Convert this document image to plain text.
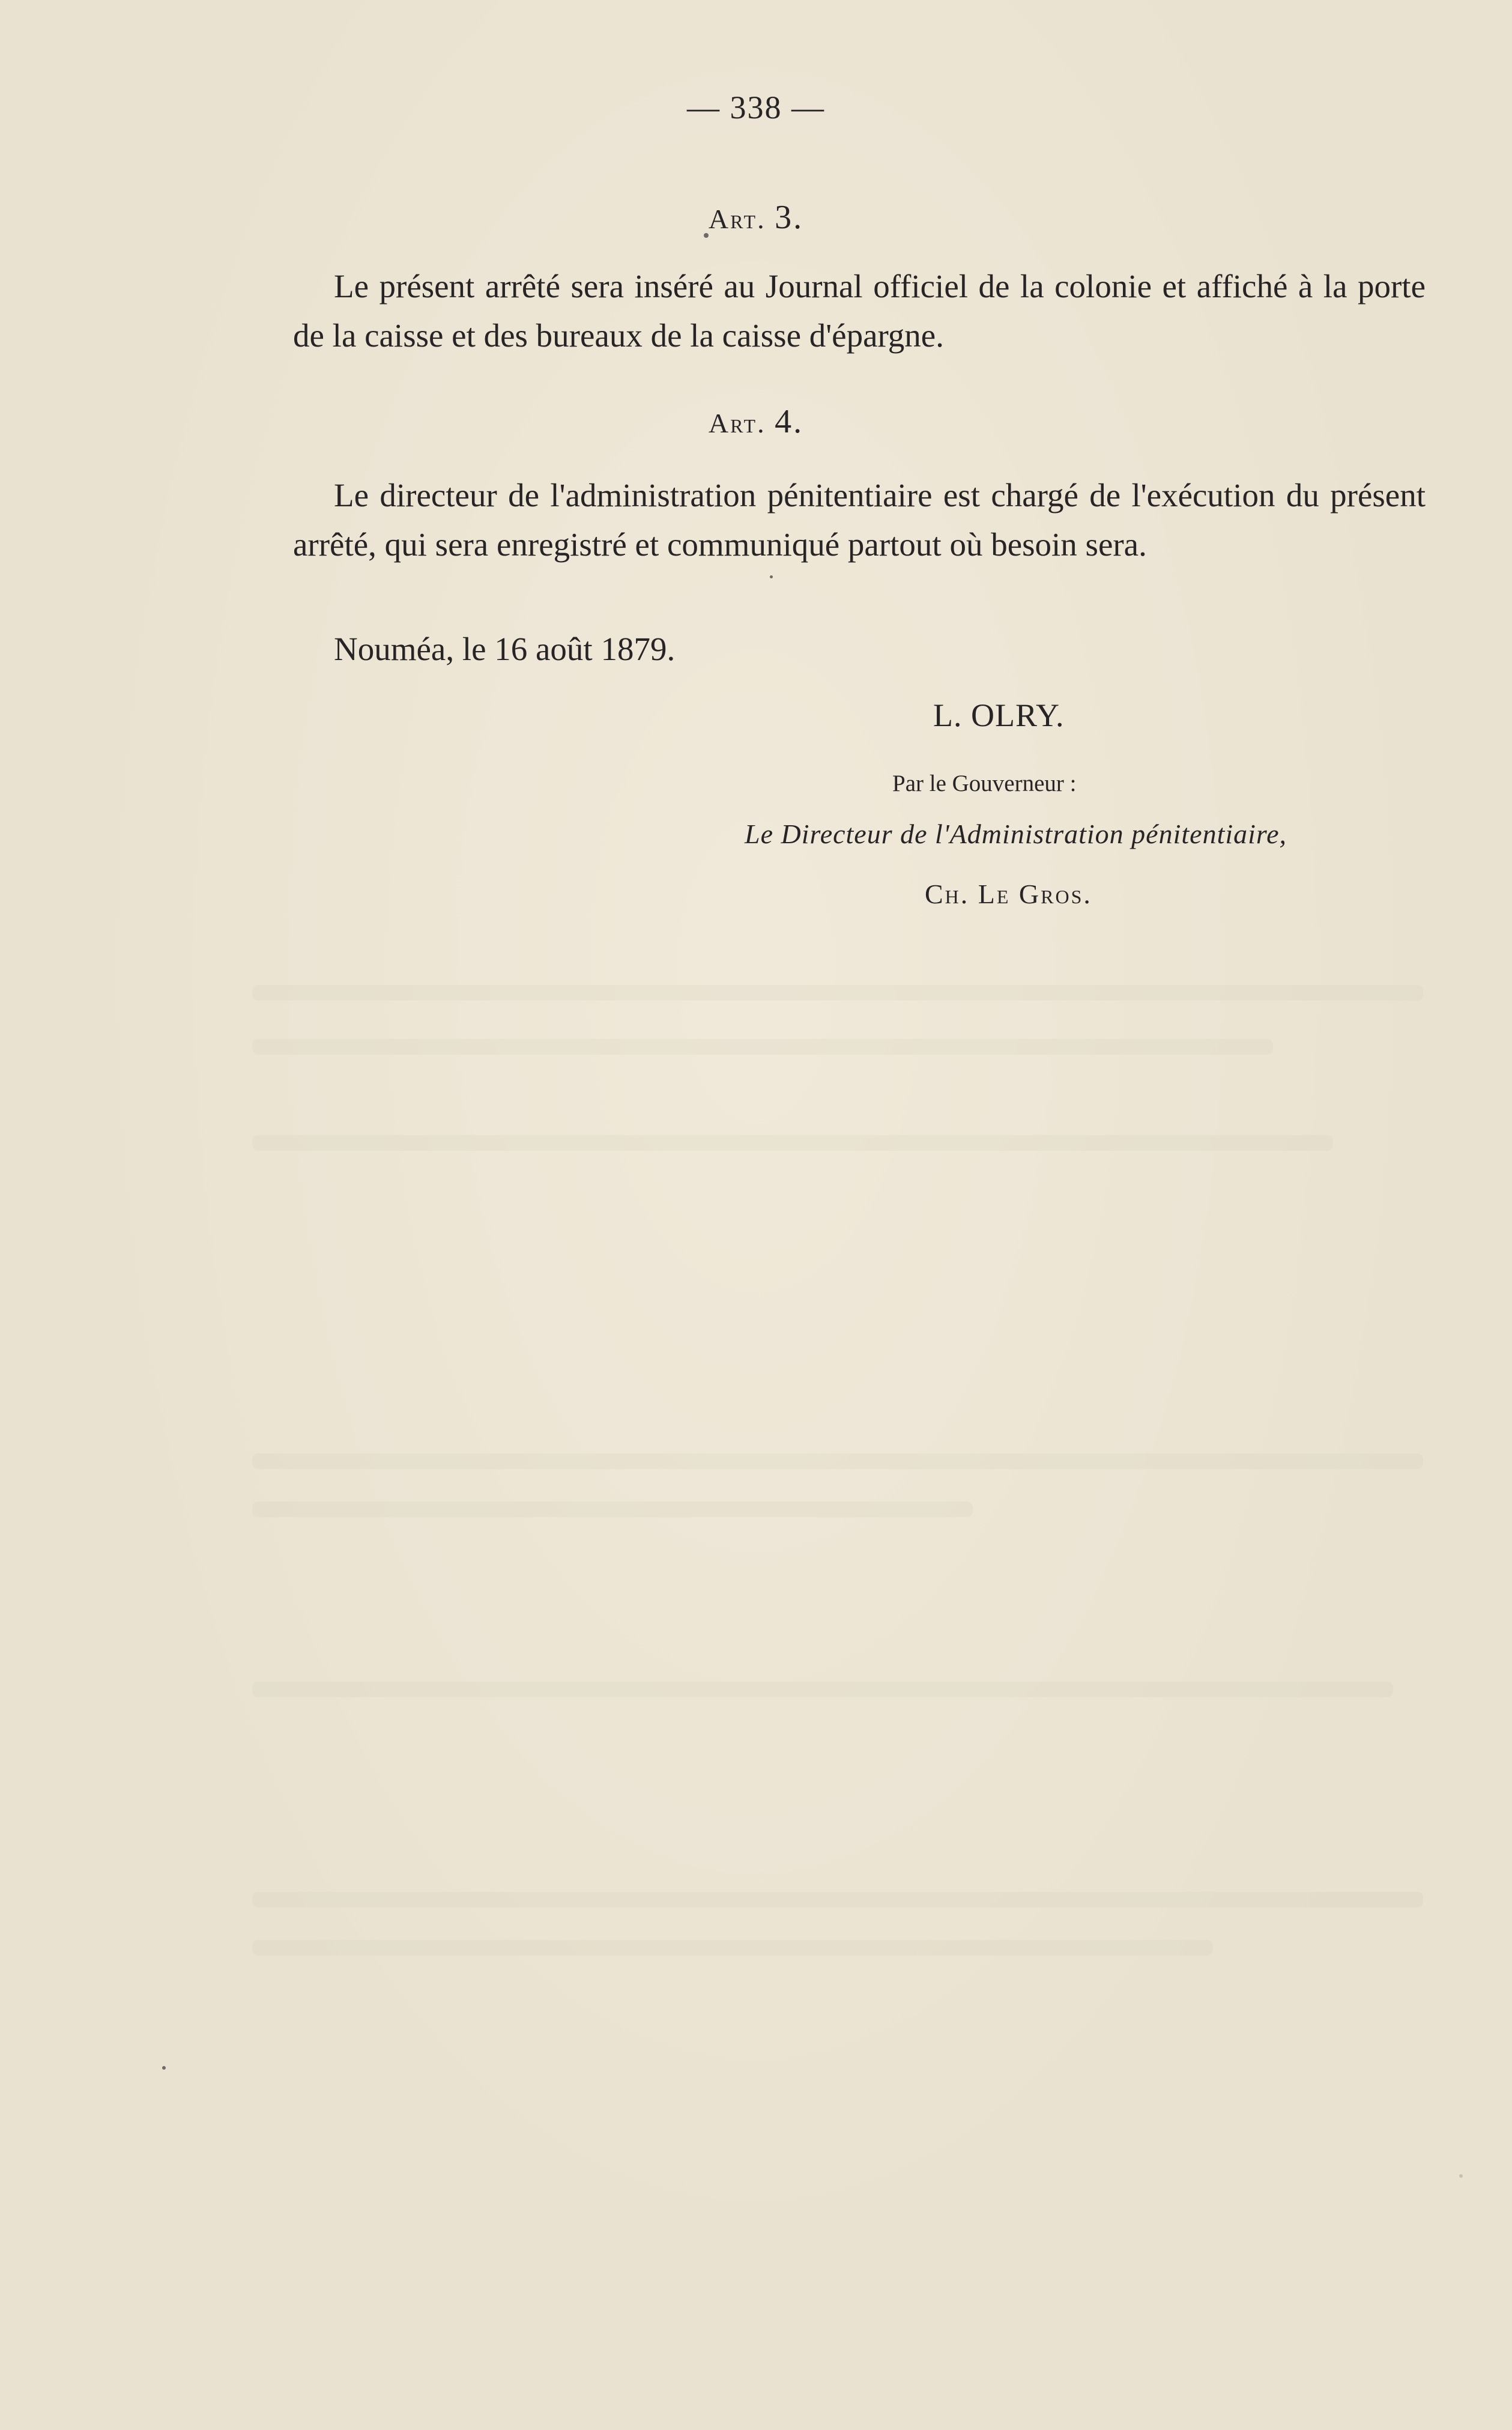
— 338 —
Art. 3.
Le présent arrêté sera inséré au Journal officiel de la colonie et affiché à la porte de la caisse et des bureaux de la caisse d'épargne.
Art. 4.
Le directeur de l'administration pénitentiaire est chargé de l'exécution du présent arrêté, qui sera enregistré et communiqué partout où besoin sera.
Nouméa, le 16 août 1879.
L. OLRY.
Par le Gouverneur :
Le Directeur de l'Administration pénitentiaire,
Ch. Le Gros.
